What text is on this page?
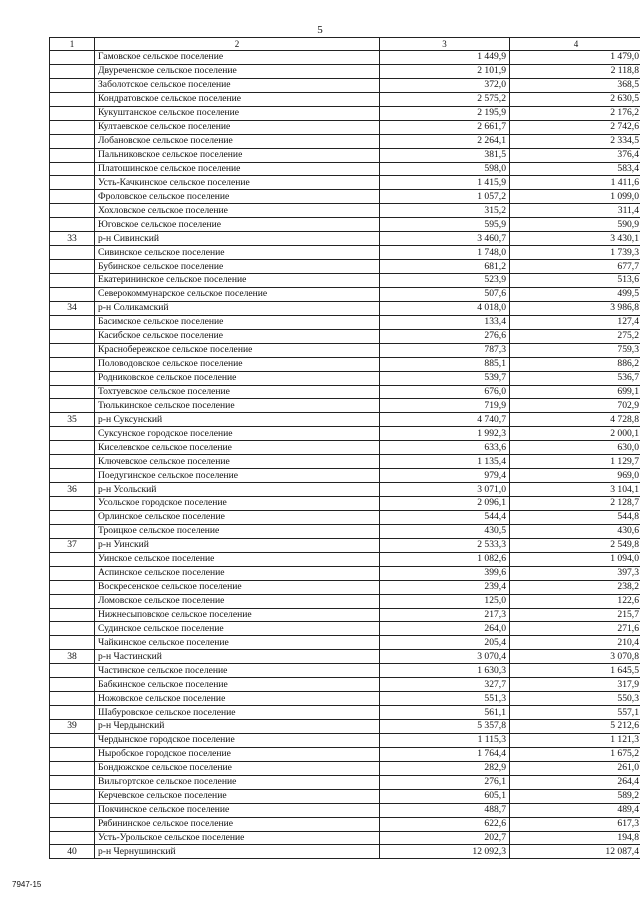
5
1	2	3	4
	Гамовское сельское поселение	1 449,9	1 479,0
	Двуреченское сельское поселение	2 101,9	2 118,8
	Заболотское сельское поселение	372,0	368,5
	Кондратовское сельское поселение	2 575,2	2 630,5
	Кукуштанское сельское поселение	2 195,9	2 176,2
	Култаевское сельское поселение	2 661,7	2 742,6
	Лобановское сельское поселение	2 264,1	2 334,5
	Пальниковское сельское поселение	381,5	376,4
	Платошинское сельское поселение	598,0	583,4
	Усть-Качкинское сельское поселение	1 415,9	1 411,6
	Фроловское сельское поселение	1 057,2	1 099,0
	Хохловское сельское поселение	315,2	311,4
	Юговское сельское поселение	595,9	590,9
33	р-н Сивинский	3 460,7	3 430,1
	Сивинское сельское поселение	1 748,0	1 739,3
	Бубинское сельское поселение	681,2	677,7
	Екатерининское сельское поселение	523,9	513,6
	Северокоммунарское сельское поселение	507,6	499,5
34	р-н Соликамский	4 018,0	3 986,8
	Басимское сельское поселение	133,4	127,4
	Касибское сельское поселение	276,6	275,2
	Краснобережское сельское поселение	787,3	759,3
	Половодовское сельское поселение	885,1	886,2
	Родниковское сельское поселение	539,7	536,7
	Тохтуевское сельское поселение	676,0	699,1
	Тюлькинское сельское поселение	719,9	702,9
35	р-н Суксунский	4 740,7	4 728,8
	Суксунское городское поселение	1 992,3	2 000,1
	Киселевское сельское поселение	633,6	630,0
	Ключевское сельское поселение	1 135,4	1 129,7
	Поедугинское сельское поселение	979,4	969,0
36	р-н Усольский	3 071,0	3 104,1
	Усольское городское поселение	2 096,1	2 128,7
	Орлинское сельское поселение	544,4	544,8
	Троицкое сельское поселение	430,5	430,6
37	р-н Уинский	2 533,3	2 549,8
	Уинское сельское поселение	1 082,6	1 094,0
	Аспинское сельское поселение	399,6	397,3
	Воскресенское сельское поселение	239,4	238,2
	Ломовское сельское поселение	125,0	122,6
	Нижнесыповское сельское поселение	217,3	215,7
	Судинское сельское поселение	264,0	271,6
	Чайкинское сельское поселение	205,4	210,4
38	р-н Частинский	3 070,4	3 070,8
	Частинское сельское поселение	1 630,3	1 645,5
	Бабкинское сельское поселение	327,7	317,9
	Ножовское сельское поселение	551,3	550,3
	Шабуровское сельское поселение	561,1	557,1
39	р-н Чердынский	5 357,8	5 212,6
	Чердынское городское поселение	1 115,3	1 121,3
	Ныробское городское поселение	1 764,4	1 675,2
	Бондюжское сельское поселение	282,9	261,0
	Вильгортское сельское поселение	276,1	264,4
	Керчевское сельское поселение	605,1	589,2
	Покчинское сельское поселение	488,7	489,4
	Рябининское сельское поселение	622,6	617,3
	Усть-Урольское сельское поселение	202,7	194,8
40	р-н Чернушинский	12 092,3	12 087,4
7947-15
